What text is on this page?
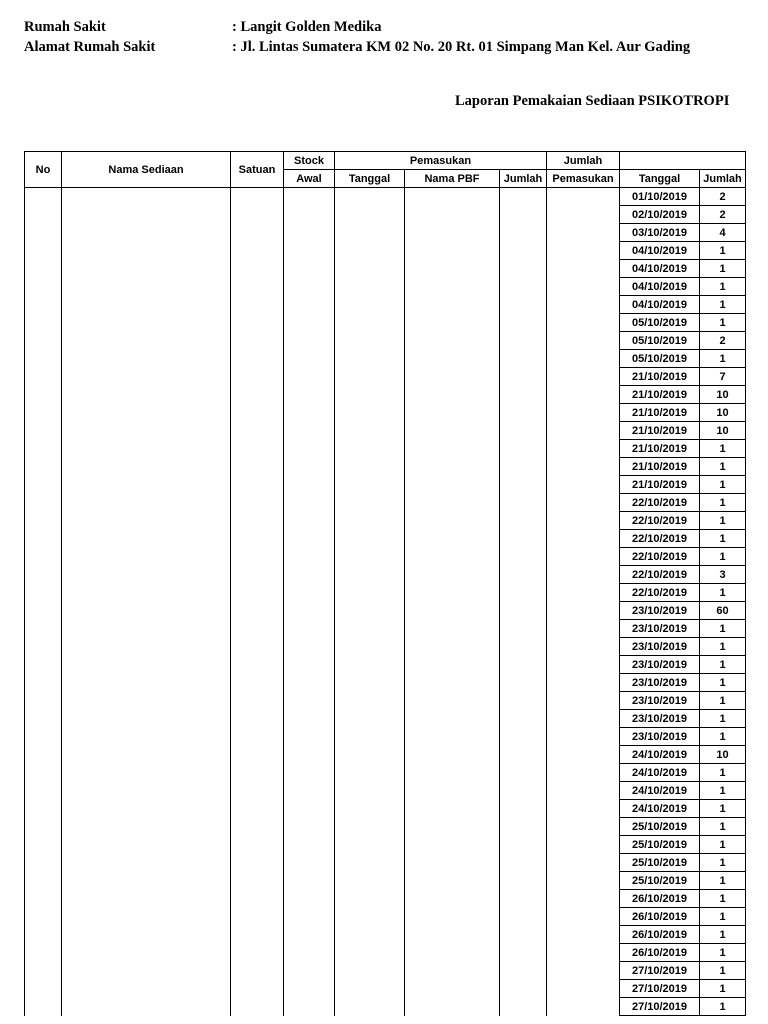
Rumah Sakit	: Langit Golden Medika
Alamat Rumah Sakit	: Jl. Lintas Sumatera KM 02 No. 20 Rt. 01 Simpang Man Kel. Aur Gading
Laporan Pemakaian Sediaan PSIKOTROPI
No	Nama Sediaan	Satuan	Stock	Pemasukan			Jumlah		
			Awal	Tanggal	Nama PBF	Jumlah	Pemasukan	Tanggal	Jumlah
								01/10/2019	2
								02/10/2019	2
								03/10/2019	4
								04/10/2019	1
								04/10/2019	1
								04/10/2019	1
								04/10/2019	1
								05/10/2019	1
								05/10/2019	2
								05/10/2019	1
								21/10/2019	7
								21/10/2019	10
								21/10/2019	10
								21/10/2019	10
								21/10/2019	1
								21/10/2019	1
								21/10/2019	1
								22/10/2019	1
								22/10/2019	1
								22/10/2019	1
								22/10/2019	1
								22/10/2019	3
								22/10/2019	1
								23/10/2019	60
								23/10/2019	1
								23/10/2019	1
								23/10/2019	1
								23/10/2019	1
								23/10/2019	1
								23/10/2019	1
								23/10/2019	1
								24/10/2019	10
								24/10/2019	1
								24/10/2019	1
								24/10/2019	1
								25/10/2019	1
								25/10/2019	1
								25/10/2019	1
								25/10/2019	1
								26/10/2019	1
								26/10/2019	1
								26/10/2019	1
								26/10/2019	1
								27/10/2019	1
								27/10/2019	1
								27/10/2019	1
